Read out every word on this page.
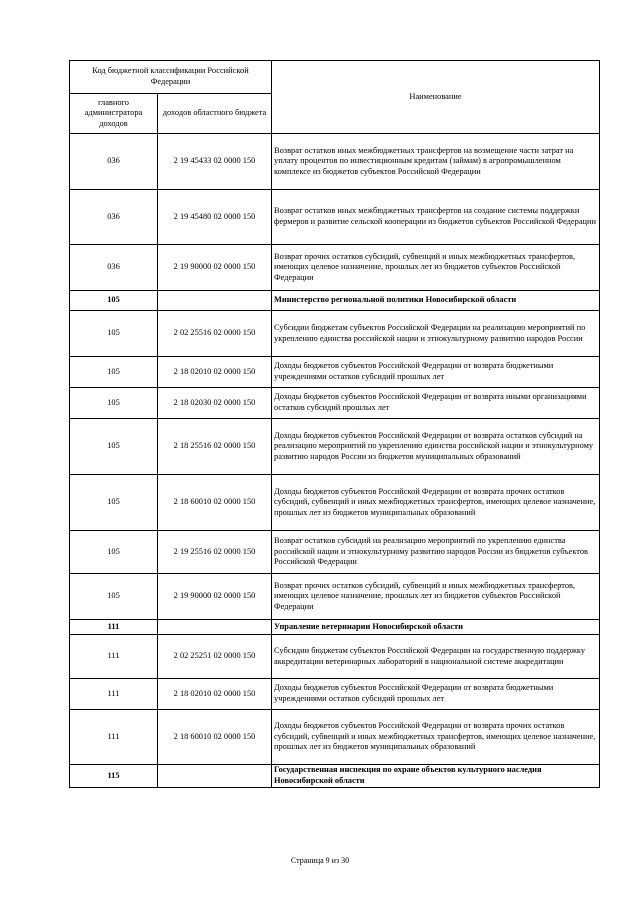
Код бюджетной классификации Российской Федерации		Наименование
главного администратора доходов	доходов областного бюджета	
036	2 19 45433 02 0000 150	Возврат остатков иных межбюджетных трансфертов на возмещение части затрат на уплату процентов по инвестиционным кредитам (займам) в агропромышленном комплексе из бюджетов субъектов Российской Федерации
036	2 19 45480 02 0000 150	Возврат остатков иных межбюджетных трансфертов на создание системы поддержки фермеров и развитие сельской кооперации из бюджетов субъектов Российской Федерации
036	2 19 90000 02 0000 150	Возврат прочих остатков субсидий, субвенций и иных межбюджетных трансфертов, имеющих целевое назначение, прошлых лет из бюджетов субъектов Российской Федерации
105		Министерство региональной политики Новосибирской области
105	2 02 25516 02 0000 150	Субсидии бюджетам субъектов Российской Федерации на реализацию мероприятий по укреплению единства российской нации и этнокультурному развитию народов России
105	2 18 02010 02 0000 150	Доходы бюджетов субъектов Российской Федерации от возврата бюджетными учреждениями остатков субсидий прошлых лет
105	2 18 02030 02 0000 150	Доходы бюджетов субъектов Российской Федерации от возврата иными организациями остатков субсидий прошлых лет
105	2 18 25516 02 0000 150	Доходы бюджетов субъектов Российской Федерации от возврата остатков субсидий на реализацию мероприятий по укреплению единства российской нации и этнокультурному развитию народов России из бюджетов муниципальных образований
105	2 18 60010 02 0000 150	Доходы бюджетов субъектов Российской Федерации от возврата прочих остатков субсидий, субвенций и иных межбюджетных трансфертов, имеющих целевое назначение, прошлых лет из бюджетов муниципальных образований
105	2 19 25516 02 0000 150	Возврат остатков субсидий на реализацию мероприятий по укреплению единства российской нации и этнокультурному развитию народов России из бюджетов субъектов Российской Федерации
105	2 19 90000 02 0000 150	Возврат прочих остатков субсидий, субвенций и иных межбюджетных трансфертов, имеющих целевое назначение, прошлых лет из бюджетов субъектов Российской Федерации
111		Управление ветеринарии Новосибирской области
111	2 02 25251 02 0000 150	Субсидии бюджетам субъектов Российской Федерации на государственную поддержку аккредитации ветеринарных лабораторий в национальной системе аккредитации
111	2 18 02010 02 0000 150	Доходы бюджетов субъектов Российской Федерации от возврата бюджетными учреждениями остатков субсидий прошлых лет
111	2 18 60010 02 0000 150	Доходы бюджетов субъектов Российской Федерации от возврата прочих остатков субсидий, субвенций и иных межбюджетных трансфертов, имеющих целевое назначение, прошлых лет из бюджетов муниципальных образований
115		Государственная инспекция по охране объектов культурного наследия Новосибирской области
Страница 9 из 30
